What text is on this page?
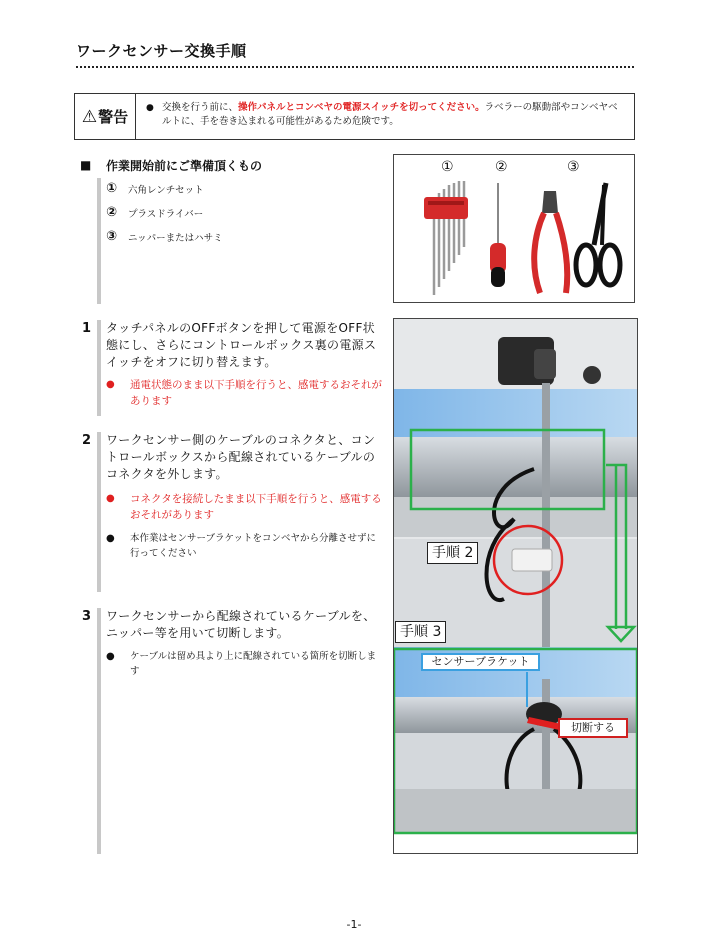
ワークセンサー交換手順
⚠ 警告 ● 交換を行う前に、操作パネルとコンベヤの電源スイッチを切ってください。ラベラーの駆動部やコンベヤベルトに、手を巻き込まれる可能性があるため危険です。
■ 作業開始前にご準備頂くもの
①	六角レンチセット
②	プラスドライバー
③	ニッパーまたはハサミ
①	②	③
1 タッチパネルのOFFボタンを押して電源をOFF状態にし、さらにコントロールボックス裏の電源スイッチをオフに切り替えます。
●	通電状態のまま以下手順を行うと、感電するおそれがあります
2 ワークセンサー側のケーブルのコネクタと、コントロールボックスから配線されているケーブルのコネクタを外します。
●	コネクタを接続したまま以下手順を行うと、感電するおそれがあります
●	本作業はセンサーブラケットをコンベヤから分離させずに行ってください
3 ワークセンサーから配線されているケーブルを、ニッパー等を用いて切断します。
●	ケーブルは留め具より上に配線されている箇所を切断します
手順 2
手順 3
センサーブラケット
切断する
-1-
